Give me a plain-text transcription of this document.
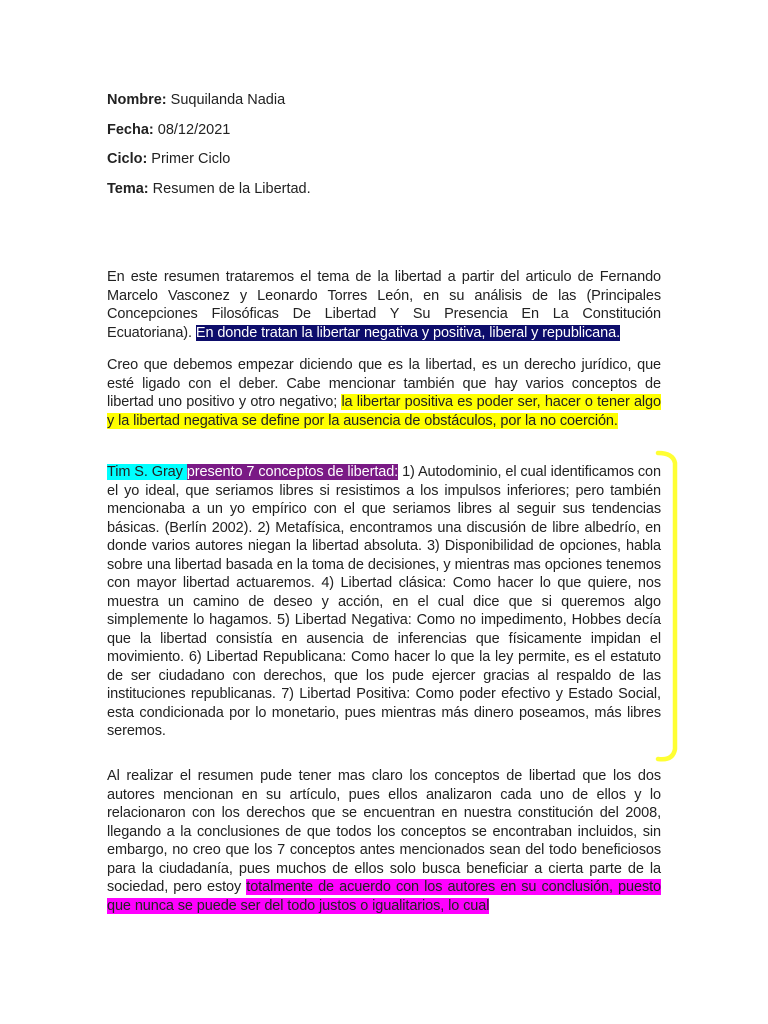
Nombre: Suquilanda Nadia
Fecha: 08/12/2021
Ciclo: Primer Ciclo
Tema: Resumen de la Libertad.

En este resumen trataremos el tema de la libertad a partir del articulo de Fernando Marcelo Vasconez y Leonardo Torres León, en su análisis de las (Principales Concepciones Filosóficas De Libertad Y Su Presencia En La Constitución Ecuatoriana). En donde tratan la libertar negativa y positiva, liberal y republicana.

Creo que debemos empezar diciendo que es la libertad, es un derecho jurídico, que esté ligado con el deber. Cabe mencionar también que hay varios conceptos de libertad uno positivo y otro negativo; la libertar positiva es poder ser, hacer o tener algo y la libertad negativa se define por la ausencia de obstáculos, por la no coerción.

Tim S. Gray presento 7 conceptos de libertad: 1) Autodominio, el cual identificamos con el yo ideal, que seriamos libres si resistimos a los impulsos inferiores; pero también mencionaba a un yo empírico con el que seriamos libres al seguir sus tendencias básicas. (Berlín 2002). 2) Metafísica, encontramos una discusión de libre albedrío, en donde varios autores niegan la libertad absoluta. 3) Disponibilidad de opciones, habla sobre una libertad basada en la toma de decisiones, y mientras mas opciones tenemos con mayor libertad actuaremos. 4) Libertad clásica: Como hacer lo que quiere, nos muestra un camino de deseo y acción, en el cual dice que si queremos algo simplemente lo hagamos. 5) Libertad Negativa: Como no impedimento, Hobbes decía que la libertad consistía en ausencia de inferencias que físicamente impidan el movimiento. 6) Libertad Republicana: Como hacer lo que la ley permite, es el estatuto de ser ciudadano con derechos, que los pude ejercer gracias al respaldo de las instituciones republicanas. 7) Libertad Positiva: Como poder efectivo y Estado Social, esta condicionada por lo monetario, pues mientras más dinero poseamos, más libres seremos.

Al realizar el resumen pude tener mas claro los conceptos de libertad que los dos autores mencionan en su artículo, pues ellos analizaron cada uno de ellos y lo relacionaron con los derechos que se encuentran en nuestra constitución del 2008, llegando a la conclusiones de que todos los conceptos se encontraban incluidos, sin embargo, no creo que los 7 conceptos antes mencionados sean del todo beneficiosos para la ciudadanía, pues muchos de ellos solo busca beneficiar a cierta parte de la sociedad, pero estoy totalmente de acuerdo con los autores en su conclusión, puesto que nunca se puede ser del todo justos o igualitarios, lo cual
